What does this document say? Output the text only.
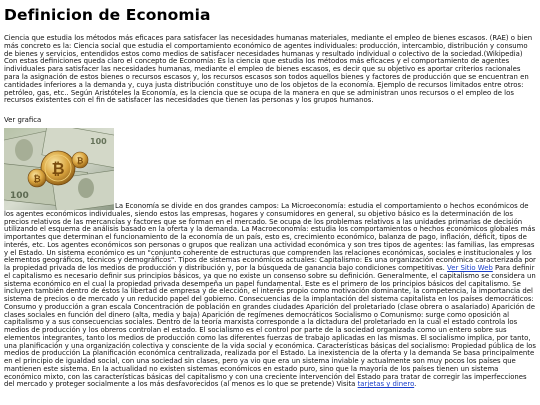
Definicion de Economia

Ciencia que estudia los métodos más eficaces para satisfacer las necesidades humanas materiales, mediante el empleo de bienes escasos. (RAE) o bien más concreto es la: Ciencia social que estudia el comportamiento económico de agentes individuales: producción, intercambio, distribución y consumo de bienes y servicios, entendidos estos como medios de satisfacer necesidades humanas y resultado individual o colectivo de la sociedad.(Wikipedia) Con estas definiciones queda claro el concepto de Economía: Es la ciencia que estudia los métodos más eficaces y el comportamiento de agentes individuales para satisfacer las necesidades humanas, mediante el empleo de bienes escasos, es decir que su objetivo es aportar criterios racionales para la asignación de estos bienes o recursos escasos y, los recursos escasos son todos aquellos bienes y factores de producción que se encuentran en cantidades inferiores a la demanda y, cuya justa distribución constituye uno de los objetos de la economía. Ejemplo de recursos limitados entre otros: petróleo, gas, etc.. Según Aristóteles la Economía, es la ciencia que se ocupa de la manera en que se administran unos recursos o el empleo de los recursos existentes con el fin de satisfacer las necesidades que tienen las personas y los grupos humanos.

Ver grafica

100
100
₿
₿
₿

La Economía se divide en dos grandes campos: La Microeconomía: estudia el comportamiento o hechos económicos de los agentes económicos individuales, siendo estos las empresas, hogares y consumidores en general, su objetivo básico es la determinación de los precios relativos de las mercancías y factores que se forman en el mercado. Se ocupa de los problemas relativos a las unidades primarias de decisión utilizando el esquema de análisis basado en la oferta y la demanda. La Macroeconomía: estudia los comportamientos o hechos económicos globales más importantes que determinan el funcionamiento de la economía de un país, esto es, crecimiento económico, balanza de pago, inflación, déficit, tipos de interés, etc. Los agentes económicos son personas o grupos que realizan una actividad económica y son tres tipos de agentes: las familias, las empresas y el Estado. Un sistema económico es un "conjunto coherente de estructuras que comprenden las relaciones económicas, sociales e institucionales y los elementos geográficos, técnicos y demográficos". Tipos de sistemas económicos actuales: Capitalismo: Es una organización económica caracterizada por la propiedad privada de los medios de producción y distribución y, por la búsqueda de ganancia bajo condiciones competitivas. Ver Sitio Web Para definir el capitalismo es necesario definir sus principios básicos, ya que no existe un consenso sobre su definición. Generalmente, el capitalismo se considera un sistema económico en el cual la propiedad privada desempeña un papel fundamental. Este es el primero de los principios básicos del capitalismo. Se incluyen también dentro de éstos la libertad de empresa y de elección, el interés propio como motivación dominante, la competencia, la importancia del sistema de precios o de mercado y un reducido papel del gobierno. Consecuencias de la implantación del sistema capitalista en los países democráticos: Consumo y producción a gran escala Concentración de población en grandes ciudades Aparición del proletariado (clase obrera o asalariado) Aparición de clases sociales en función del dinero (alta, media y baja) Aparición de regímenes democráticos Socialismo o Comunismo: surge como oposición al capitalismo y a sus consecuencias sociales. Dentro de la teoría marxista corresponde a la dictadura del proletariado en la cual el estado controla los medios de producción y los obreros controlan el estado. El socialismo es el control por parte de la sociedad organizada como un entero sobre sus elementos integrantes, tanto los medios de producción como las diferentes fuerzas de trabajo aplicadas en las mismas. El socialismo implica, por tanto, una planificación y una organización colectiva y consciente de la vida social y económica. Características básicas del socialismo: Propiedad pública de los medios de producción La planificación económica centralizada, realizada por el Estado. La inexistencia de la oferta y la demanda Se basa principalmente en el principio de igualdad social, con una sociedad sin clases, pero ya vio que era un sistema inviable y actualmente son muy pocos los países que mantienen este sistema. En la actualidad no existen sistemas económicos en estado puro, sino que la mayoría de los países tienen un sistema económico mixto, con las características básicas del capitalismo y con una creciente intervención del Estado para tratar de corregir las imperfecciones del mercado y proteger socialmente a los más desfavorecidos (al menos es lo que se pretende) Visita tarjetas y dinero.
